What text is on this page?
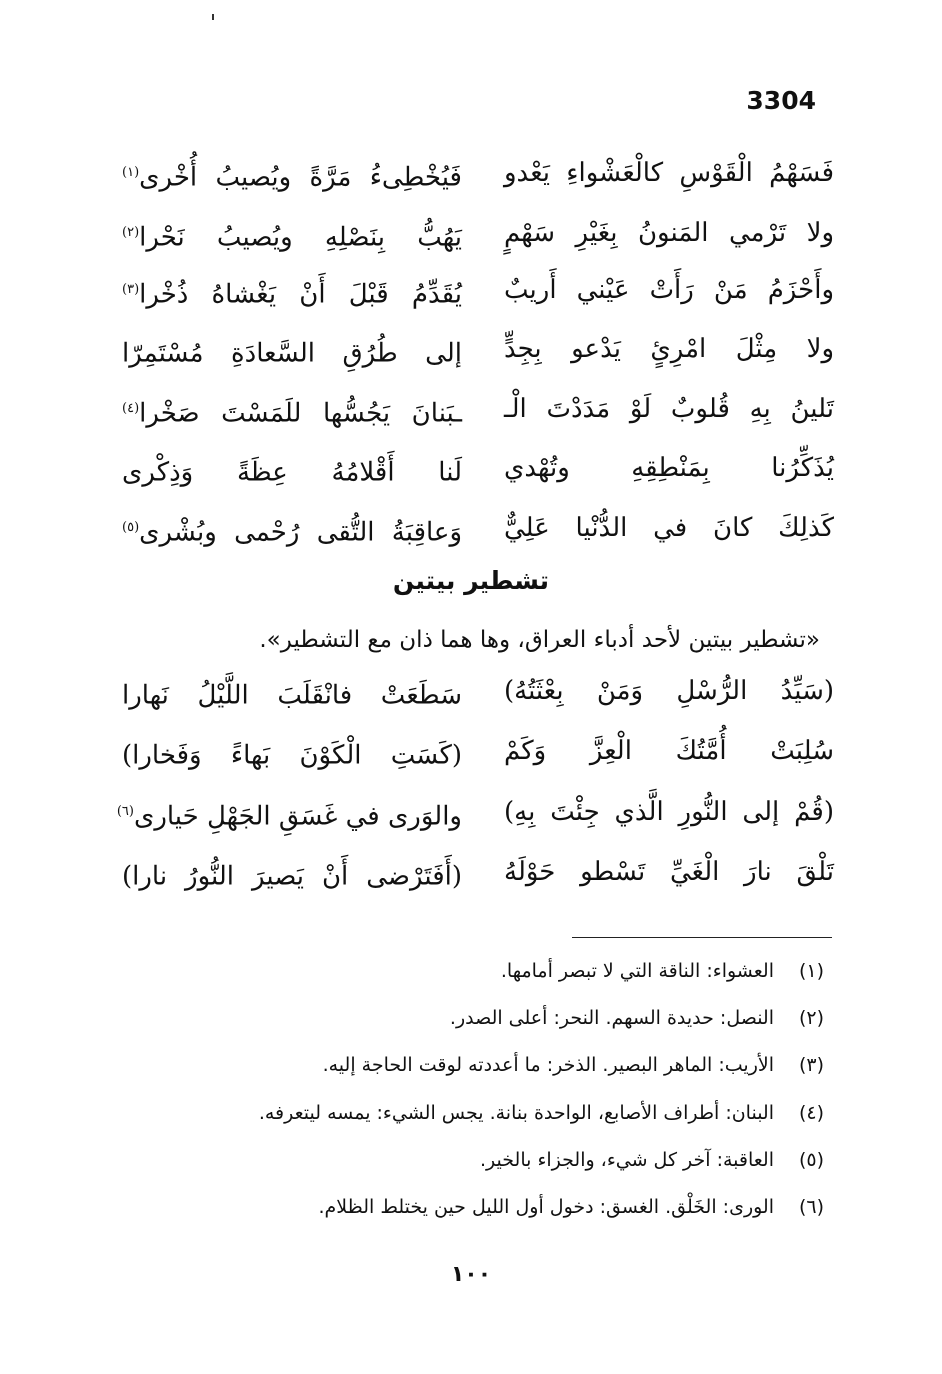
3304
فَسَهْمُ الْقَوْسِ كالْعَشْواءِ يَعْدو
فَيُخْطِىءُ مَرَّةً ويُصيبُ أُخْرى$^{(١)}$
ولا تَرْمي المَنونُ بِغَيْرِ سَهْمٍ
يَهُبُّ بِنَصْلِهِ ويُصيبُ نَحْرا$^{(٢)}$
وأَحْزَمُ مَنْ رَأَتْ عَيْني أَريبٌ
يُقَدِّمُ قَبْلَ أَنْ يَغْشاهُ ذُخْرا$^{(٣)}$
ولا مِثْلَ امْرِئٍ يَدْعو بِجِدٍّ
إلى طُرُقِ السَّعادَةِ مُسْتَمِرّا
تَلينُ بِهِ قُلوبٌ لَوْ مَدَدْتَ الْـ
ـبَنانَ يَجُسُّها للَمَسْتَ صَخْرا$^{(٤)}$
يُذَكِّرُنا بِمَنْطِقِهِ وتُهْدي
لَنا أَقْلامُهُ عِظَةً وَذِكْرى
كَذلِكَ كانَ في الدُّنْيا عَلِيٌّ
وَعاقِبَةُ التُّقى رُحْمى وبُشْرى$^{(٥)}$
تشطير بيتين
«تشطير بيتين لأحد أدباء العراق، وها هما ذان مع التشطير».
(سَيِّدُ الرُّسْلِ وَمَنْ بِعْثَتُهُ)
سَطَعَتْ فانْقَلَبَ اللَّيْلُ نَهارا
سُلِبَتْ أُمَّتُكَ الْعِزَّ وَكَمْ
(كَسَتِ الْكَوْنَ بَهاءً وَفَخارا)
(قُمْ إلى النُّورِ الَّذي جِئْتَ بِهِ)
والوَرى في غَسَقِ الجَهْلِ حَيارى$^{(٦)}$
تَلْقَ نارَ الْغَيِّ تَسْطو حَوْلَهُ
(أَفَتَرْضى أَنْ يَصيرَ النُّورُ نارا)
(١)العشواء: الناقة التي لا تبصر أمامها.
(٢)النصل: حديدة السهم. النحر: أعلى الصدر.
(٣)الأريب: الماهر البصير. الذخر: ما أعددته لوقت الحاجة إليه.
(٤)البنان: أطراف الأصابع، الواحدة بنانة. يجس الشيء: يمسه ليتعرفه.
(٥)العاقبة: آخر كل شيء، والجزاء بالخير.
(٦)الورى: الخَلْق. الغسق: دخول أول الليل حين يختلط الظلام.
١٠٠
